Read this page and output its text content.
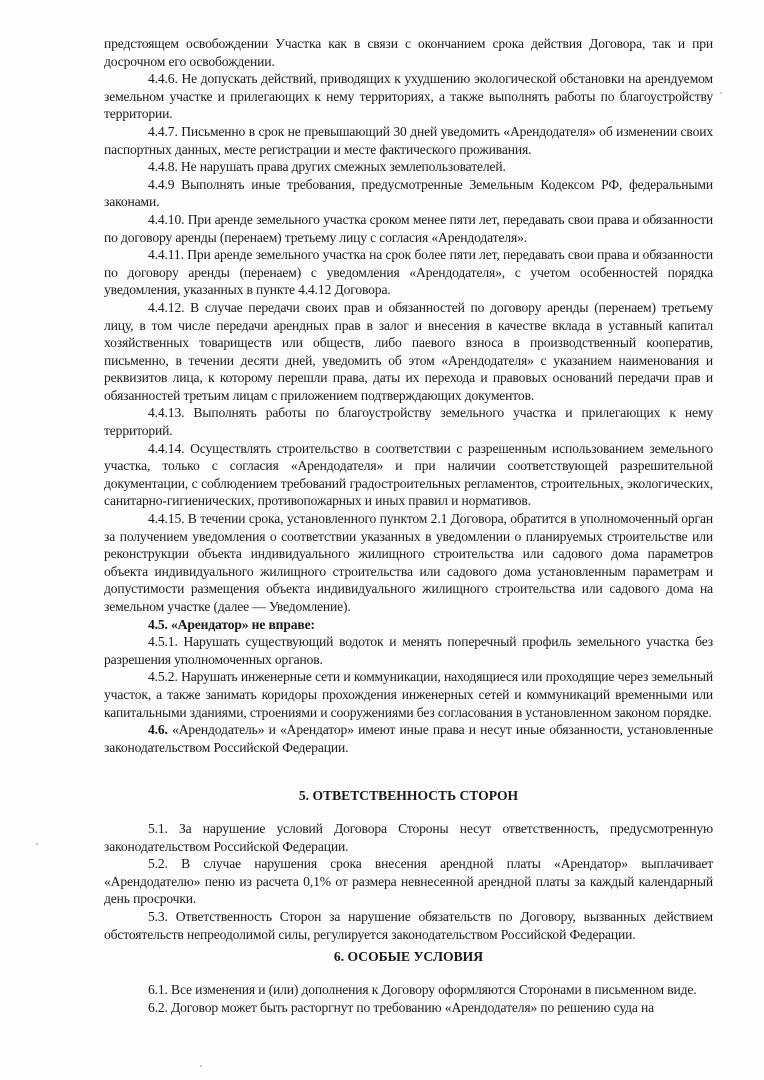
предстоящем освобождении Участка как в связи с окончанием срока действия Договора, так и при досрочном его освобождении.

4.4.6. Не допускать действий, приводящих к ухудшению экологической обстановки на арендуемом земельном участке и прилегающих к нему территориях, а также выполнять работы по благоустройству территории.

4.4.7. Письменно в срок не превышающий 30 дней уведомить «Арендодателя» об изменении своих паспортных данных, месте регистрации и месте фактического проживания.

4.4.8. Не нарушать права других смежных землепользователей.

4.4.9 Выполнять иные требования, предусмотренные Земельным Кодексом РФ, федеральными законами.

4.4.10. При аренде земельного участка сроком менее пяти лет, передавать свои права и обязанности по договору аренды (перенаем) третьему лицу с согласия «Арендодателя».

4.4.11. При аренде земельного участка на срок более пяти лет, передавать свои права и обязанности по договору аренды (перенаем) с уведомления «Арендодателя», с учетом особенностей порядка уведомления, указанных в пункте 4.4.12 Договора.

4.4.12. В случае передачи своих прав и обязанностей по договору аренды (перенаем) третьему лицу, в том числе передачи арендных прав в залог и внесения в качестве вклада в уставный капитал хозяйственных товариществ или обществ, либо паевого взноса в производственный кооператив, письменно, в течении десяти дней, уведомить об этом «Арендодателя» с указанием наименования и реквизитов лица, к которому перешли права, даты их перехода и правовых оснований передачи прав и обязанностей третьим лицам с приложением подтверждающих документов.

4.4.13. Выполнять работы по благоустройству земельного участка и прилегающих к нему территорий.

4.4.14. Осуществлять строительство в соответствии с разрешенным использованием земельного участка, только с согласия «Арендодателя» и при наличии соответствующей разрешительной документации, с соблюдением требований градостроительных регламентов, строительных, экологических, санитарно-гигиенических, противопожарных и иных правил и нормативов.

4.4.15. В течении срока, установленного пунктом 2.1 Договора, обратится в уполномоченный орган за получением уведомления о соответствии указанных в уведомлении о планируемых строительстве или реконструкции объекта индивидуального жилищного строительства или садового дома параметров объекта индивидуального жилищного строительства или садового дома установленным параметрам и допустимости размещения объекта индивидуального жилищного строительства или садового дома на земельном участке (далее — Уведомление).

4.5. «Арендатор» не вправе:

4.5.1. Нарушать существующий водоток и менять поперечный профиль земельного участка без разрешения уполномоченных органов.

4.5.2. Нарушать инженерные сети и коммуникации, находящиеся или проходящие через земельный участок, а также занимать коридоры прохождения инженерных сетей и коммуникаций временными или капитальными зданиями, строениями и сооружениями без согласования в установленном законом порядке.

4.6. «Арендодатель» и «Арендатор» имеют иные права и несут иные обязанности, установленные законодательством Российской Федерации.

5. ОТВЕТСТВЕННОСТЬ СТОРОН

5.1. За нарушение условий Договора Стороны несут ответственность, предусмотренную законодательством Российской Федерации.

5.2. В случае нарушения срока внесения арендной платы «Арендатор» выплачивает «Арендодателю» пеню из расчета 0,1% от размера невнесенной арендной платы за каждый календарный день просрочки.

5.3. Ответственность Сторон за нарушение обязательств по Договору, вызванных действием обстоятельств непреодолимой силы, регулируется законодательством Российской Федерации.

6. ОСОБЫЕ УСЛОВИЯ

6.1. Все изменения и (или) дополнения к Договору оформляются Сторонами в письменном виде.

6.2. Договор может быть расторгнут по требованию «Арендодателя» по решению суда на
